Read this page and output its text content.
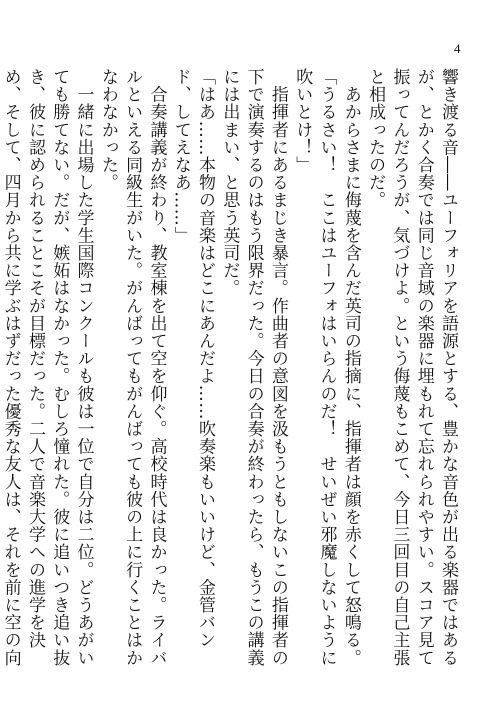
4

響き渡る音――ユーフォリアを語源とする、豊かな音色が出る楽器ではあるが、とかく合奏では同じ音域の楽器に埋もれて忘れられやすい。スコア見て振ってんだろうが、気づけよ。という侮蔑もこめて、今日三回目の自己主張と相成ったのだ。

　あからさまに侮蔑を含んだ英司の指摘に、指揮者は顔を赤くして怒鳴る。

「うるさい！　ここはユーフォはいらんのだ！　せいぜい邪魔しないように吹いとけ！」

　指揮者にあるまじき暴言。作曲者の意図を汲もうともしないこの指揮者の下で演奏するのはもう限界だった。今日の合奏が終わったら、もうこの講義には出まい、と思う英司だ。

「はあ……本物の音楽はどこにあんだよ……吹奏楽もいいけど、金管バンド、してえなあ……」

　合奏講義が終わり、教室棟を出て空を仰ぐ。高校時代は良かった。ライバルといえる同級生がいた。がんばってもがんばっても彼の上に行くことはかなわなかった。

　一緒に出場した学生国際コンクールも彼は一位で自分は二位。どうあがいても勝てない。だが、嫉妬はなかった。むしろ憧れた。彼に追いつき追い抜き、彼に認められることこそが目標だった。二人で音楽大学への進学を決め、そして、四月から共に学ぶはずだった優秀な友人は、それを前に空の向
